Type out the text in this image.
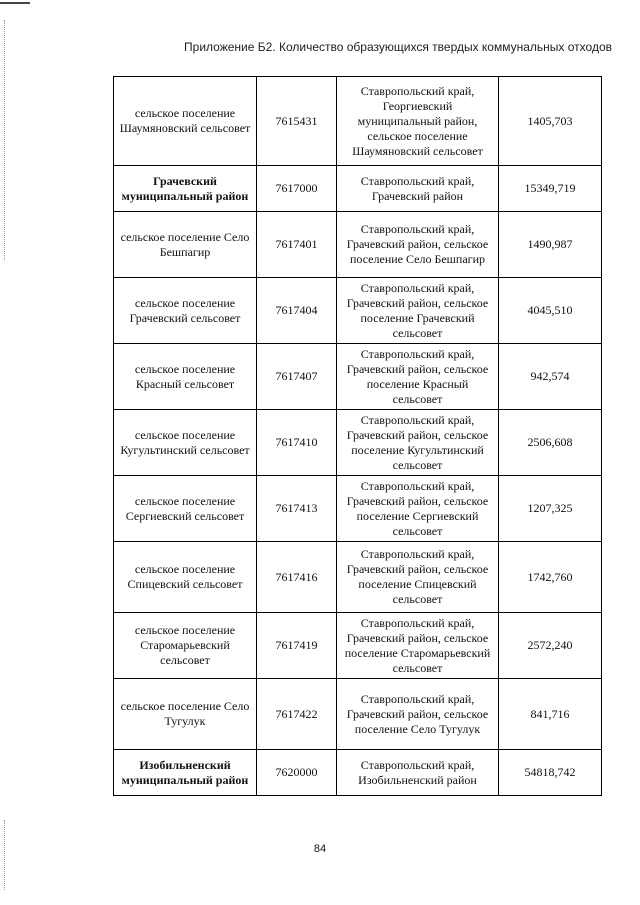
Приложение Б2. Количество образующихся твердых коммунальных отходов
сельское поселение Шаумяновский сельсовет	7615431	Ставропольский край, Георгиевский муниципальный район, сельское поселение Шаумяновский сельсовет	1405,703
Грачевский муниципальный район	7617000	Ставропольский край, Грачевский район	15349,719
сельское поселение Село Бешпагир	7617401	Ставропольский край, Грачевский район, сельское поселение Село Бешпагир	1490,987
сельское поселение Грачевский сельсовет	7617404	Ставропольский край, Грачевский район, сельское поселение Грачевский сельсовет	4045,510
сельское поселение Красный сельсовет	7617407	Ставропольский край, Грачевский район, сельское поселение Красный сельсовет	942,574
сельское поселение Кугультинский сельсовет	7617410	Ставропольский край, Грачевский район, сельское поселение Кугультинский сельсовет	2506,608
сельское поселение Сергиевский сельсовет	7617413	Ставропольский край, Грачевский район, сельское поселение Сергиевский сельсовет	1207,325
сельское поселение Спицевский сельсовет	7617416	Ставропольский край, Грачевский район, сельское поселение Спицевский сельсовет	1742,760
сельское поселение Старомарьевский сельсовет	7617419	Ставропольский край, Грачевский район, сельское поселение Старомарьевский сельсовет	2572,240
сельское поселение Село Тугулук	7617422	Ставропольский край, Грачевский район, сельское поселение Село Тугулук	841,716
Изобильненский муниципальный район	7620000	Ставропольский край, Изобильненский район	54818,742
84
